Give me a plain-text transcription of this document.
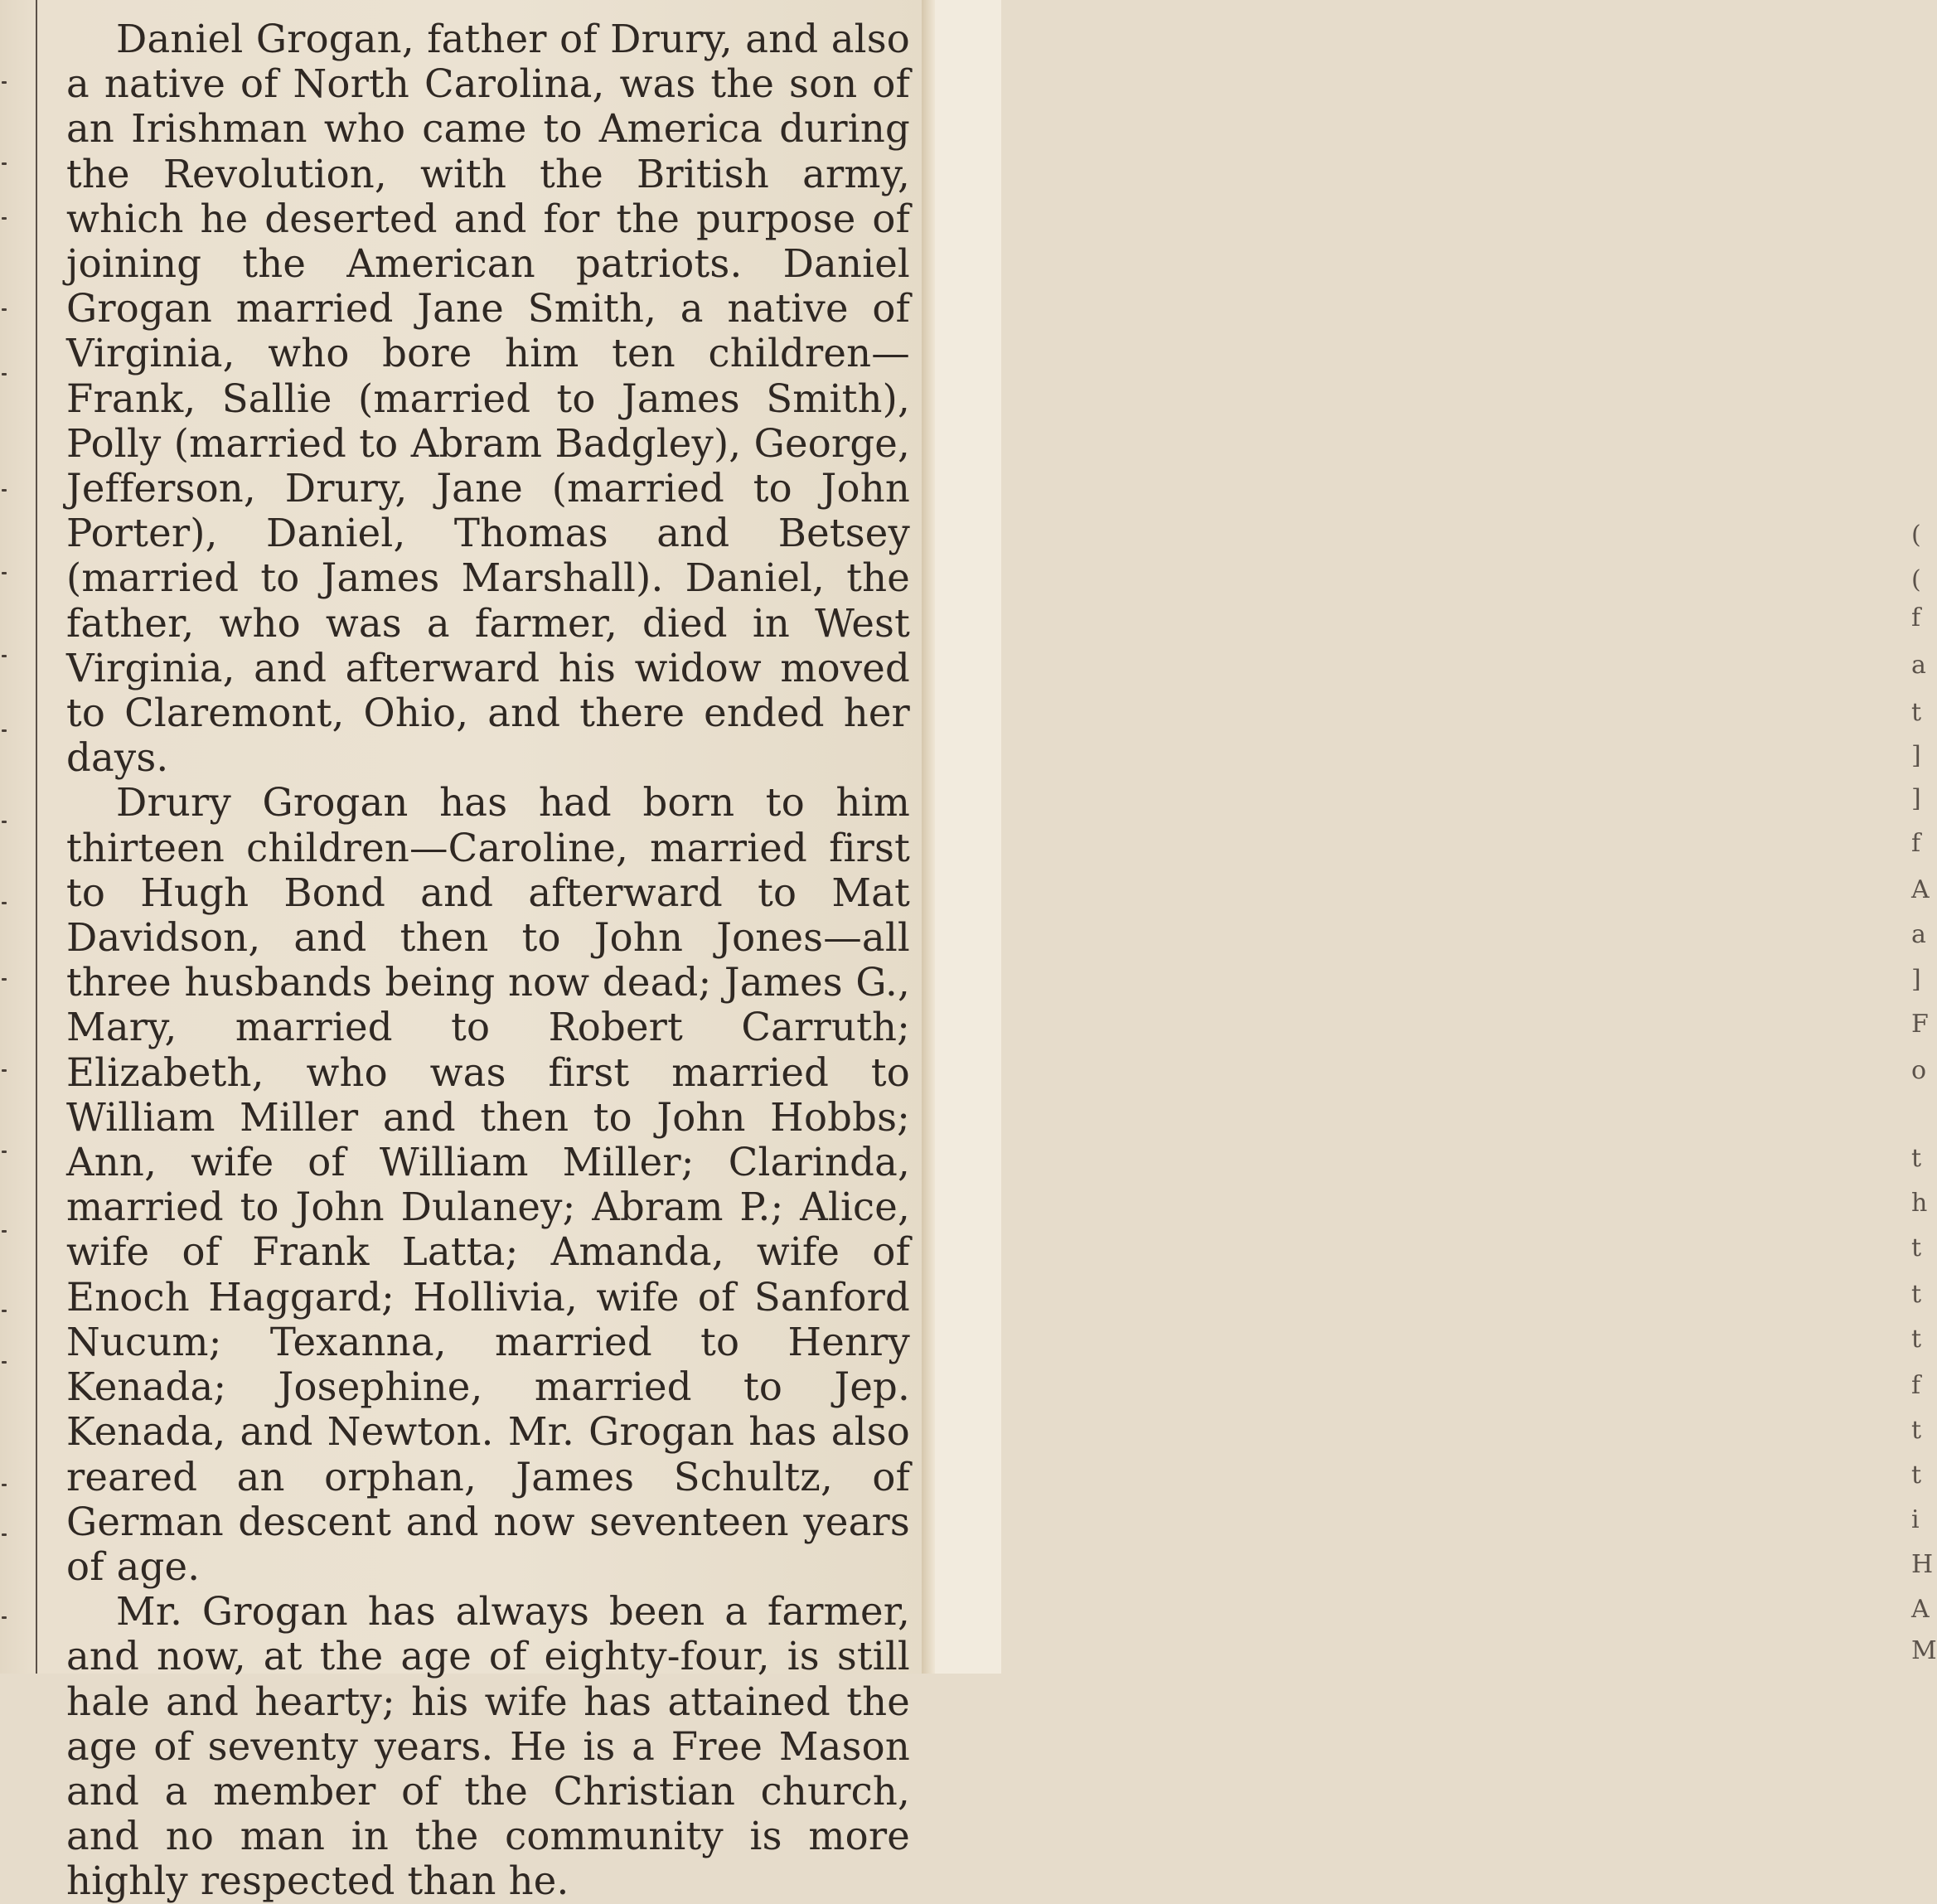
Daniel Grogan, father of Drury, and also a native of North Carolina, was the son of an Irishman who came to America during the Revolution, with the British army, which he deserted and for the purpose of joining the American patriots. Daniel Grogan married Jane Smith, a native of Virginia, who bore him ten children—Frank, Sallie (married to James Smith), Polly (married to Abram Badgley), George, Jefferson, Drury, Jane (married to John Porter), Daniel, Thomas and Betsey (married to James Marshall). Daniel, the father, who was a farmer, died in West Virginia, and afterward his widow moved to Claremont, Ohio, and there ended her days.

Drury Grogan has had born to him thirteen children—Caroline, married first to Hugh Bond and afterward to Mat Davidson, and then to John Jones—all three husbands being now dead; James G., Mary, married to Robert Carruth; Elizabeth, who was first married to William Miller and then to John Hobbs; Ann, wife of William Miller; Clarinda, married to John Dulaney; Abram P.; Alice, wife of Frank Latta; Amanda, wife of Enoch Haggard; Hollivia, wife of Sanford Nucum; Texanna, married to Henry Kenada; Josephine, married to Jep. Kenada, and Newton. Mr. Grogan has also reared an orphan, James Schultz, of German descent and now seventeen years of age.

Mr. Grogan has always been a farmer, and now, at the age of eighty-four, is still hale and hearty; his wife has attained the age of seventy years. He is a Free Mason and a member of the Christian church, and no man in the community is more highly respected than he.

(
(
f
a
t
]
]
f
A
a
]
F
o
t
h
t
t
t
f
t
t
i
H
A
M
